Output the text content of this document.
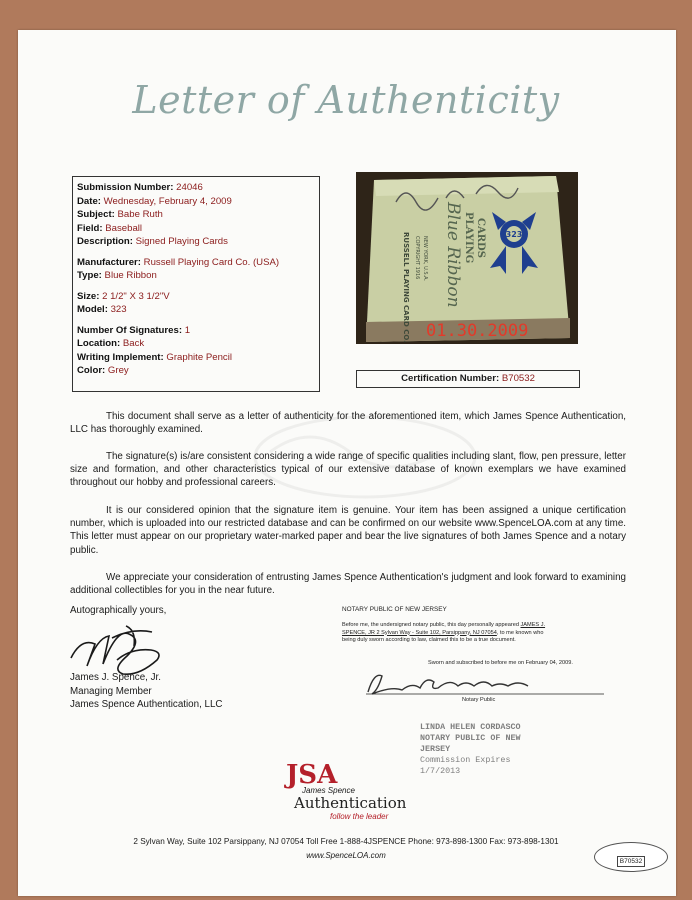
Letter of Authenticity
Submission Number: 24046
Date: Wednesday, February 4, 2009
Subject: Babe Ruth
Field: Baseball
Description: Signed Playing Cards
Manufacturer: Russell Playing Card Co. (USA)
Type: Blue Ribbon
Size: 2 1/2" X 3 1/2"V
Model: 323
Number Of Signatures: 1
Location: Back
Writing Implement: Graphite Pencil
Color: Grey
RUSSELL PLAYING CARD CO. COPYRIGHT 1916 NEW YORK, U.S.A. Blue Ribbon PLAYING CARDS 323
01.30.2009
Certification Number: B70532
This document shall serve as a letter of authenticity for the aforementioned item, which James Spence Authentication, LLC has thoroughly examined.
The signature(s) is/are consistent considering a wide range of specific qualities including slant, flow, pen pressure, letter size and formation, and other characteristics typical of our extensive database of known exemplars we have examined throughout our hobby and professional careers.
It is our considered opinion that the signature item is genuine. Your item has been assigned a unique certification number, which is uploaded into our restricted database and can be confirmed on our website www.SpenceLOA.com at any time. This letter must appear on our proprietary water-marked paper and bear the live signatures of both James Spence and a notary public.
We appreciate your consideration of entrusting James Spence Authentication's judgment and look forward to examining additional collectibles for you in the near future.
Autographically yours,
James J. Spence, Jr.
Managing Member
James Spence Authentication, LLC
NOTARY PUBLIC OF NEW JERSEY
Before me, the undersigned notary public, this day personally appeared JAMES J.
SPENCE, JR 2 Sylvan Way - Suite 102, Parsippany, NJ 07054, to me known who
being duly sworn according to law, claimed this to be a true document.
Sworn and subscribed to before me on February 04, 2009.
Notary Public
LINDA HELEN CORDASCO
NOTARY PUBLIC OF NEW JERSEY
Commission Expires 1/7/2013
JSA
James Spence
Authentication
follow the leader
2 Sylvan Way, Suite 102 Parsippany, NJ 07054 Toll Free 1-888-4JSPENCE Phone: 973-898-1300 Fax: 973-898-1301
www.SpenceLOA.com
B70532
